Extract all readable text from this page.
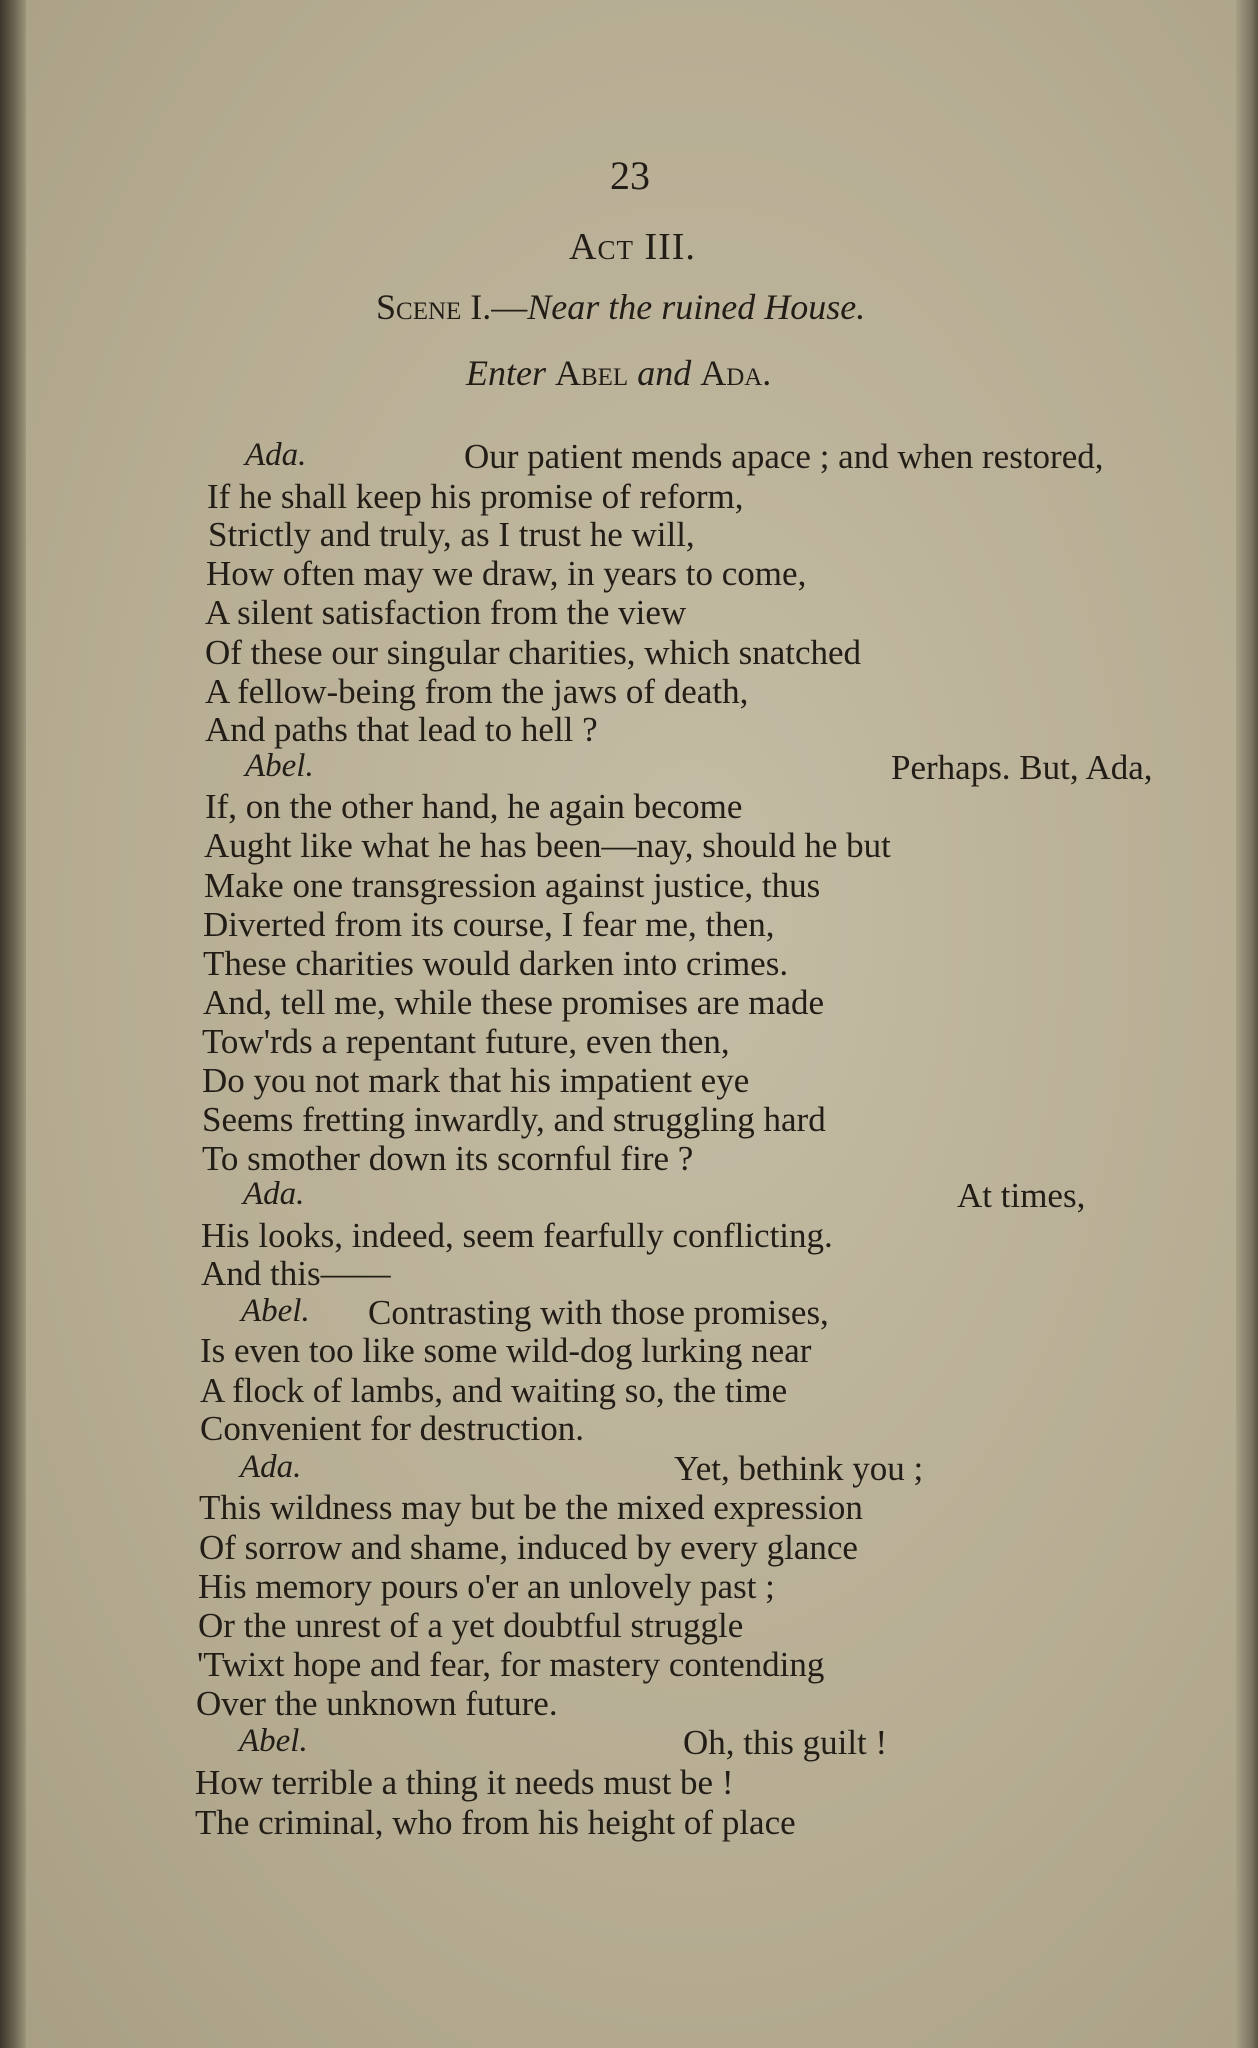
23
Act III.
Scene I.—Near the ruined House.
Enter Abel and Ada.
Ada.	Our patient mends apace ; and when restored,
If he shall keep his promise of reform,
Strictly and truly, as I trust he will,
How often may we draw, in years to come,
A silent satisfaction from the view
Of these our singular charities, which snatched
A fellow-being from the jaws of death,
And paths that lead to hell ?
Abel.	Perhaps. But, Ada,
If, on the other hand, he again become
Aught like what he has been—nay, should he but
Make one transgression against justice, thus
Diverted from its course, I fear me, then,
These charities would darken into crimes.
And, tell me, while these promises are made
Tow'rds a repentant future, even then,
Do you not mark that his impatient eye
Seems fretting inwardly, and struggling hard
To smother down its scornful fire ?
Ada.	At times,
His looks, indeed, seem fearfully conflicting.
And this——
Abel. Contrasting with those promises,
Is even too like some wild-dog lurking near
A flock of lambs, and waiting so, the time
Convenient for destruction.
Ada.	Yet, bethink you ;
This wildness may but be the mixed expression
Of sorrow and shame, induced by every glance
His memory pours o'er an unlovely past ;
Or the unrest of a yet doubtful struggle
'Twixt hope and fear, for mastery contending
Over the unknown future.
Abel.	Oh, this guilt !
How terrible a thing it needs must be !
The criminal, who from his height of place
